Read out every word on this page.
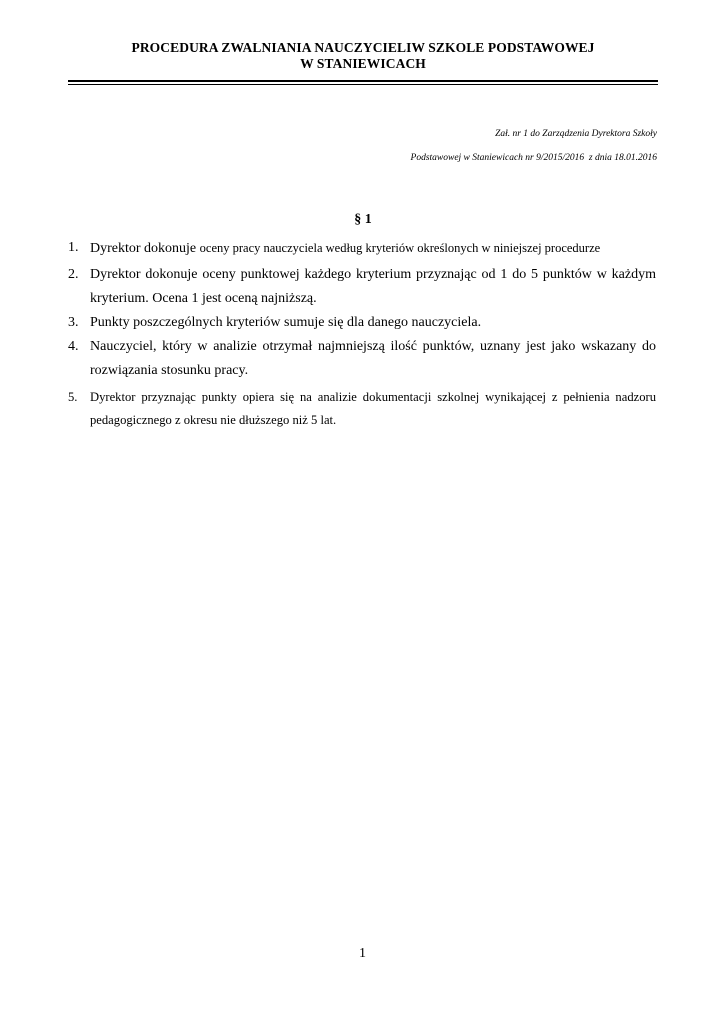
PROCEDURA ZWALNIANIA NAUCZYCIELIW SZKOLE PODSTAWOWEJ
W STANIEWICACH
Zał. nr 1 do Zarządzenia Dyrektora Szkoły
Podstawowej w Staniewicach nr 9/2015/2016  z dnia 18.01.2016
§ 1
1. Dyrektor dokonuje oceny pracy nauczyciela według kryteriów określonych w niniejszej procedurze
2. Dyrektor dokonuje oceny punktowej każdego kryterium przyznając od 1 do 5 punktów w każdym kryterium. Ocena 1 jest oceną najniższą.
3. Punkty poszczególnych kryteriów sumuje się dla danego nauczyciela.
4. Nauczyciel, który w analizie otrzymał najmniejszą ilość punktów, uznany jest jako wskazany do rozwiązania stosunku pracy.
5. Dyrektor przyznając punkty opiera się na analizie dokumentacji szkolnej wynikającej z pełnienia nadzoru pedagogicznego z okresu nie dłuższego niż 5 lat.
1
